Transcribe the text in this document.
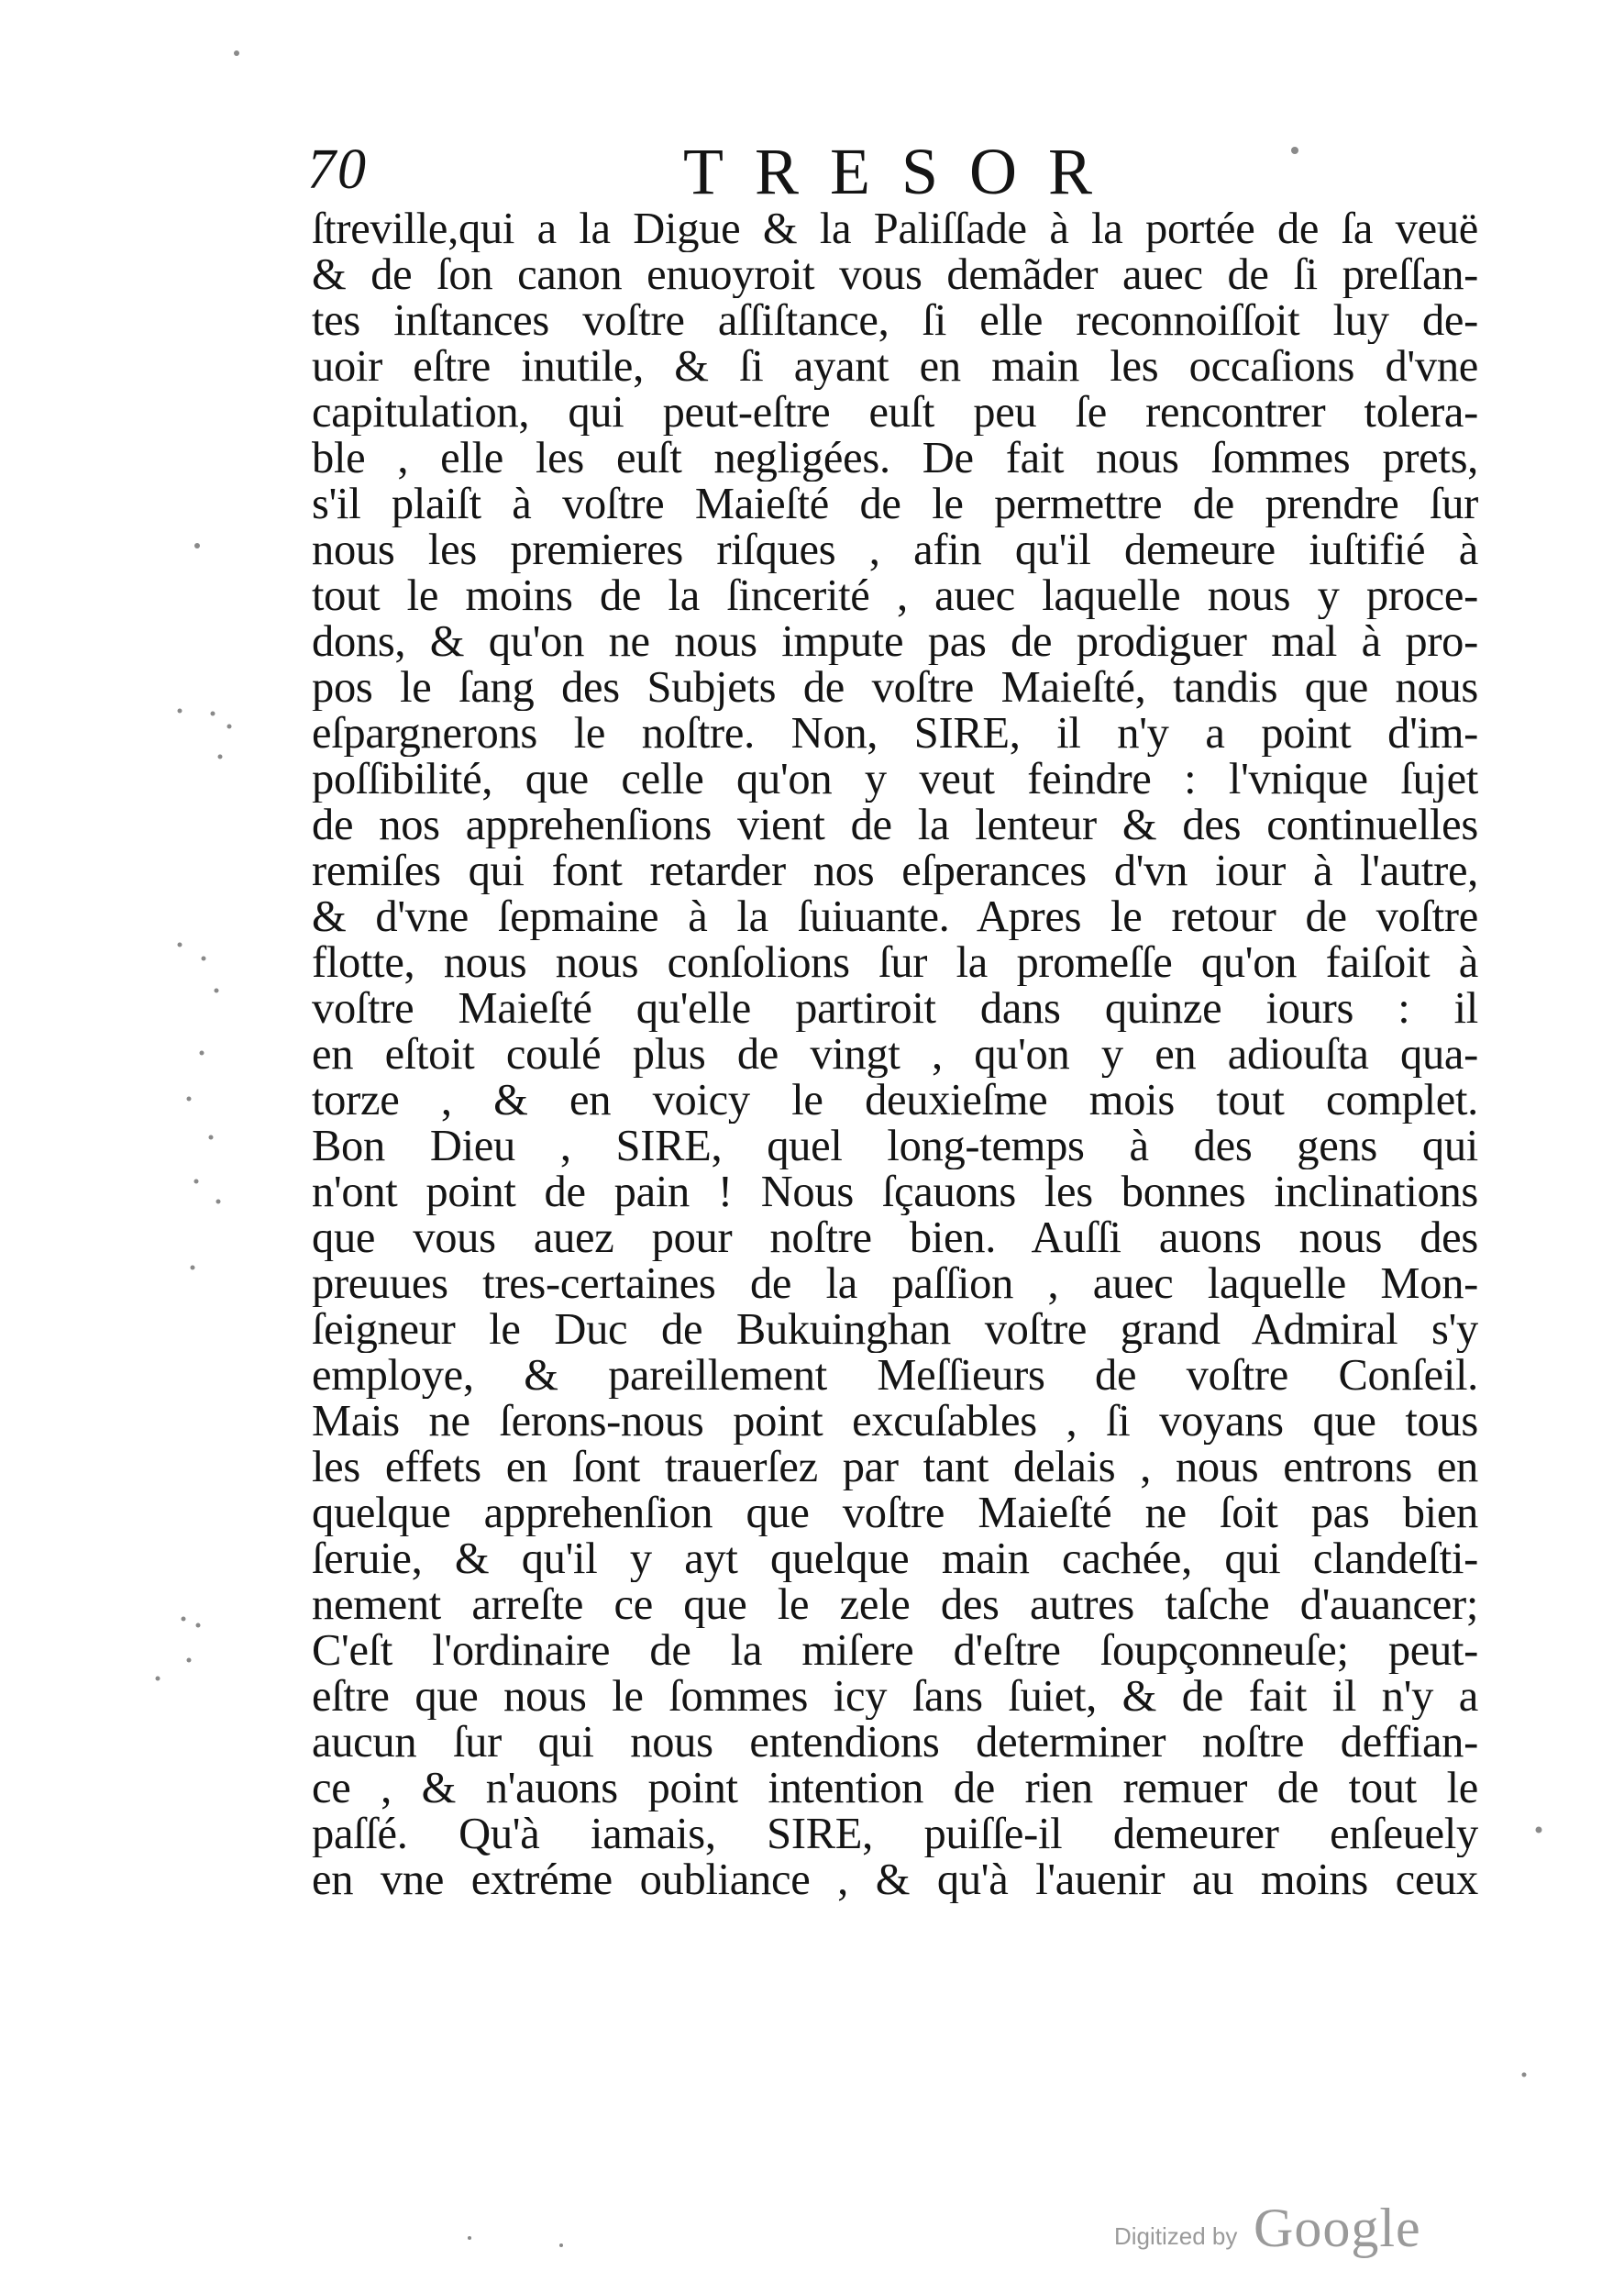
70	TRESOR
ſtreville,qui a la Digue & la Paliſſade à la portée de ſa veuë
& de ſon canon enuoyroit vous demãder auec de ſi preſſan-
tes inſtances voſtre aſſiſtance, ſi elle reconnoiſſoit luy de-
uoir eſtre inutile, & ſi ayant en main les occaſions d'vne
capitulation, qui peut-eſtre euſt peu ſe rencontrer tolera-
ble , elle les euſt negligées. De fait nous ſommes prets,
s'il plaiſt à voſtre Maieſté de le permettre de prendre ſur
nous les premieres riſques , afin qu'il demeure iuſtifié à
tout le moins de la ſincerité , auec laquelle nous y proce-
dons, & qu'on ne nous impute pas de prodiguer mal à pro-
pos le ſang des Subjets de voſtre Maieſté, tandis que nous
eſpargnerons le noſtre. Non, SIRE, il n'y a point d'im-
poſſibilité, que celle qu'on y veut feindre : l'vnique ſujet
de nos apprehenſions vient de la lenteur & des continuelles
remiſes qui font retarder nos eſperances d'vn iour à l'autre,
& d'vne ſepmaine à la ſuiuante. Apres le retour de voſtre
flotte, nous nous conſolions ſur la promeſſe qu'on faiſoit à
voſtre Maieſté qu'elle partiroit dans quinze iours : il
en eſtoit coulé plus de vingt , qu'on y en adiouſta qua-
torze , & en voicy le deuxieſme mois tout complet.
Bon Dieu , SIRE, quel long-temps à des gens qui
n'ont point de pain ! Nous ſçauons les bonnes inclinations
que vous auez pour noſtre bien. Auſſi auons nous des
preuues tres-certaines de la paſſion , auec laquelle Mon-
ſeigneur le Duc de Bukuinghan voſtre grand Admiral s'y
employe, & pareillement Meſſieurs de voſtre Conſeil.
Mais ne ſerons-nous point excuſables , ſi voyans que tous
les effets en ſont trauerſez par tant delais , nous entrons en
quelque apprehenſion que voſtre Maieſté ne ſoit pas bien
ſeruie, & qu'il y ayt quelque main cachée, qui clandeſti-
nement arreſte ce que le zele des autres taſche d'auancer;
C'eſt l'ordinaire de la miſere d'eſtre ſoupçonneuſe; peut-
eſtre que nous le ſommes icy ſans ſuiet, & de fait il n'y a
aucun ſur qui nous entendions determiner noſtre deffian-
ce , & n'auons point intention de rien remuer de tout le
paſſé. Qu'à iamais, SIRE, puiſſe-il demeurer enſeuely
en vne extréme oubliance , & qu'à l'auenir au moins ceux
Digitized by Google
